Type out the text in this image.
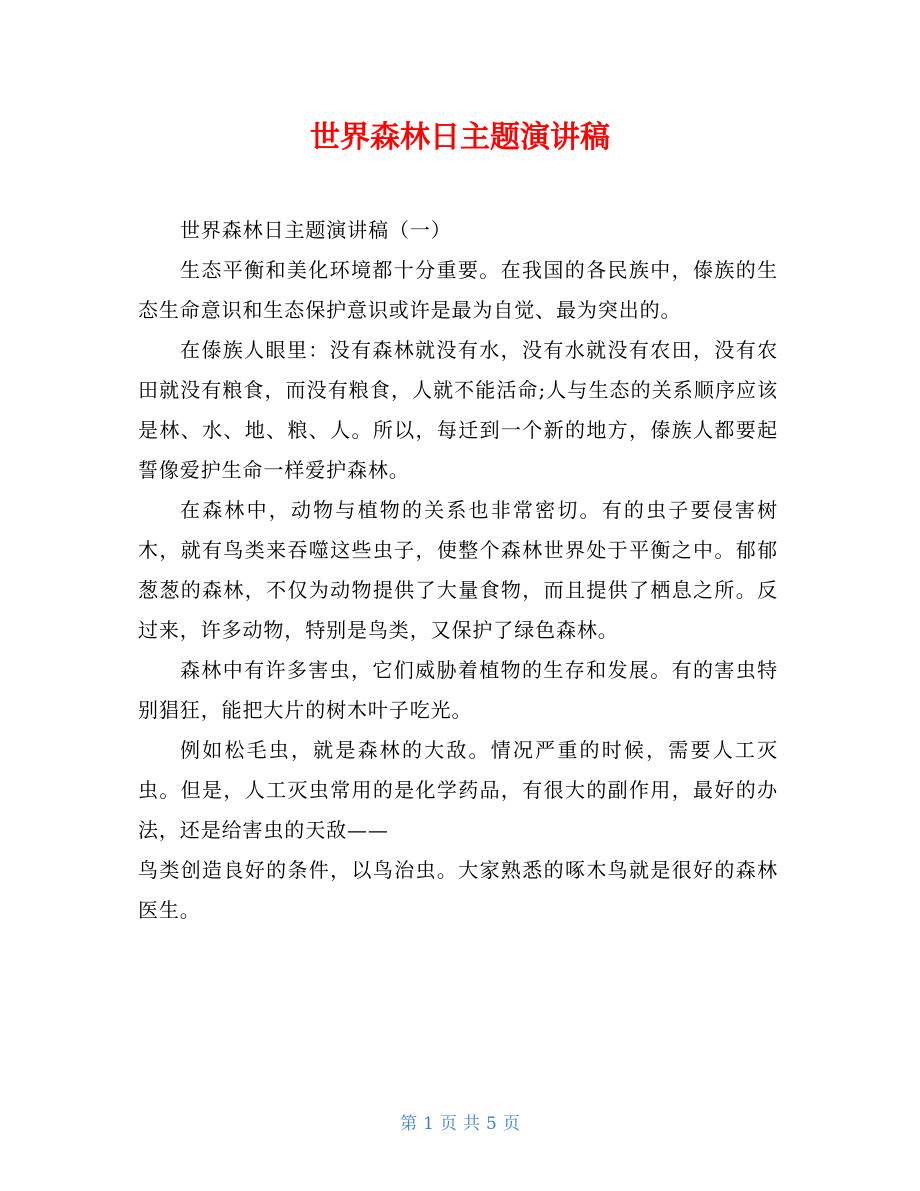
世界森林日主题演讲稿

世界森林日主题演讲稿（一）

生态平衡和美化环境都十分重要。在我国的各民族中，傣族的生态生命意识和生态保护意识或许是最为自觉、最为突出的。

在傣族人眼里：没有森林就没有水，没有水就没有农田，没有农田就没有粮食，而没有粮食，人就不能活命;人与生态的关系顺序应该是林、水、地、粮、人。所以，每迁到一个新的地方，傣族人都要起誓像爱护生命一样爱护森林。

在森林中，动物与植物的关系也非常密切。有的虫子要侵害树木，就有鸟类来吞噬这些虫子，使整个森林世界处于平衡之中。郁郁葱葱的森林，不仅为动物提供了大量食物，而且提供了栖息之所。反过来，许多动物，特别是鸟类，又保护了绿色森林。

森林中有许多害虫，它们威胁着植物的生存和发展。有的害虫特别猖狂，能把大片的树木叶子吃光。

例如松毛虫，就是森林的大敌。情况严重的时候，需要人工灭虫。但是，人工灭虫常用的是化学药品，有很大的副作用，最好的办法，还是给害虫的天敌——

鸟类创造良好的条件，以鸟治虫。大家熟悉的啄木鸟就是很好的森林医生。

第 1 页 共 5 页
